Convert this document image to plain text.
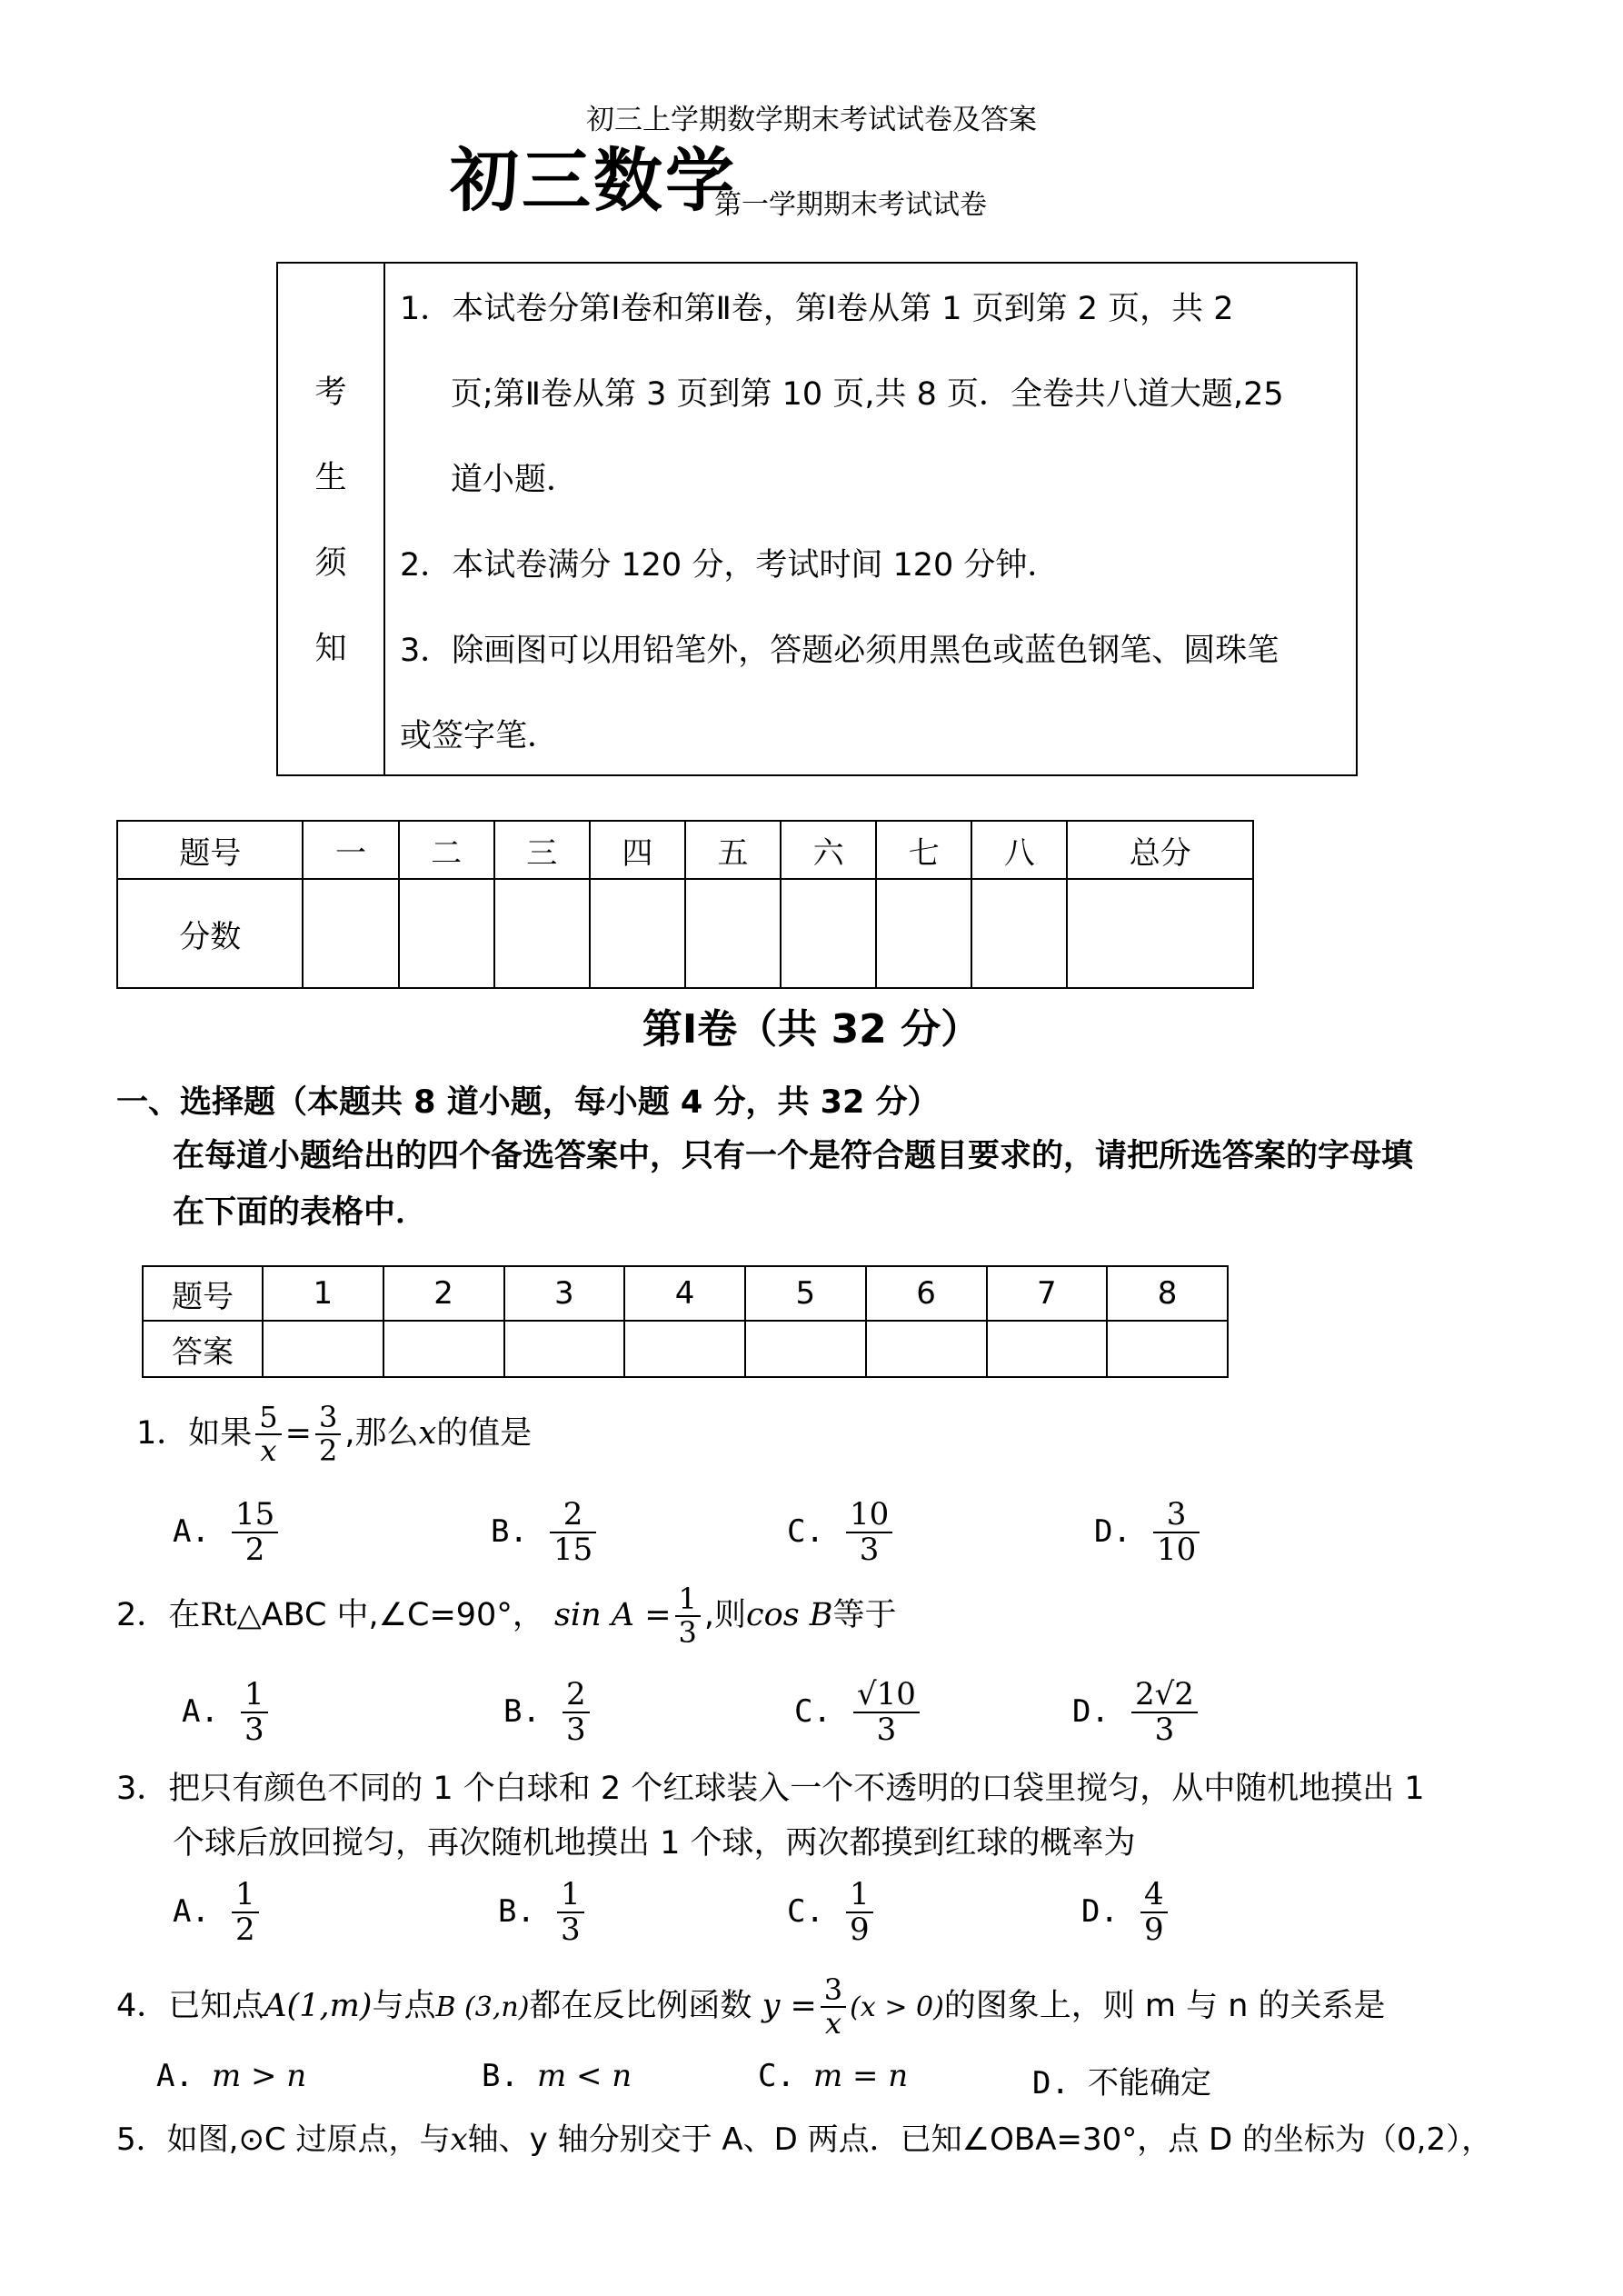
初三上学期数学期末考试试卷及答案
初三数学
第一学期期末考试试卷
考
生
须
知
1．本试卷分第Ⅰ卷和第Ⅱ卷，第Ⅰ卷从第 1 页到第 2 页，共 2
页;第Ⅱ卷从第 3 页到第 10 页,共 8 页．全卷共八道大题,25
道小题．
2．本试卷满分 120 分，考试时间 120 分钟．
3．除画图可以用铅笔外，答题必须用黑色或蓝色钢笔、圆珠笔
或签字笔．
题号	一	二	三	四	五	六	七	八	总分
分数									
第Ⅰ卷（共 32 分）
一、选择题（本题共 8 道小题，每小题 4 分，共 32 分）
在每道小题给出的四个备选答案中，只有一个是符合题目要求的，请把所选答案的字母填
在下面的表格中．
题号	1	2	3	4	5	6	7	8
答案								
1．如果 $\frac{5}{x} = \frac{3}{2}$ ,那么x的值是
A. $\frac{15}{2}$	B. $\frac{2}{15}$	C. $\frac{10}{3}$	D. $\frac{3}{10}$
2．在Rt△ABC 中,∠C=90°， $\sin A = \frac{1}{3}$ ,则cos B等于
A. $\frac{1}{3}$	B. $\frac{2}{3}$	C. $\frac{√10}{3}$	D. $\frac{2√2}{3}$
3．把只有颜色不同的 1 个白球和 2 个红球装入一个不透明的口袋里搅匀，从中随机地摸出 1
个球后放回搅匀，再次随机地摸出 1 个球，两次都摸到红球的概率为
A. $\frac{1}{2}$	B. $\frac{1}{3}$	C. $\frac{1}{9}$	D. $\frac{4}{9}$
4．已知点A(1,m)与点B (3,n)都在反比例函数 $y = \frac{3}{x} (x > 0)$的图象上，则 m 与 n 的关系是
A. m > n	B. m < n	C. m = n	D. 不能确定
5．如图,⊙C 过原点，与x轴、y 轴分别交于 A、D 两点．已知∠OBA=30°，点 D 的坐标为（0,2），
